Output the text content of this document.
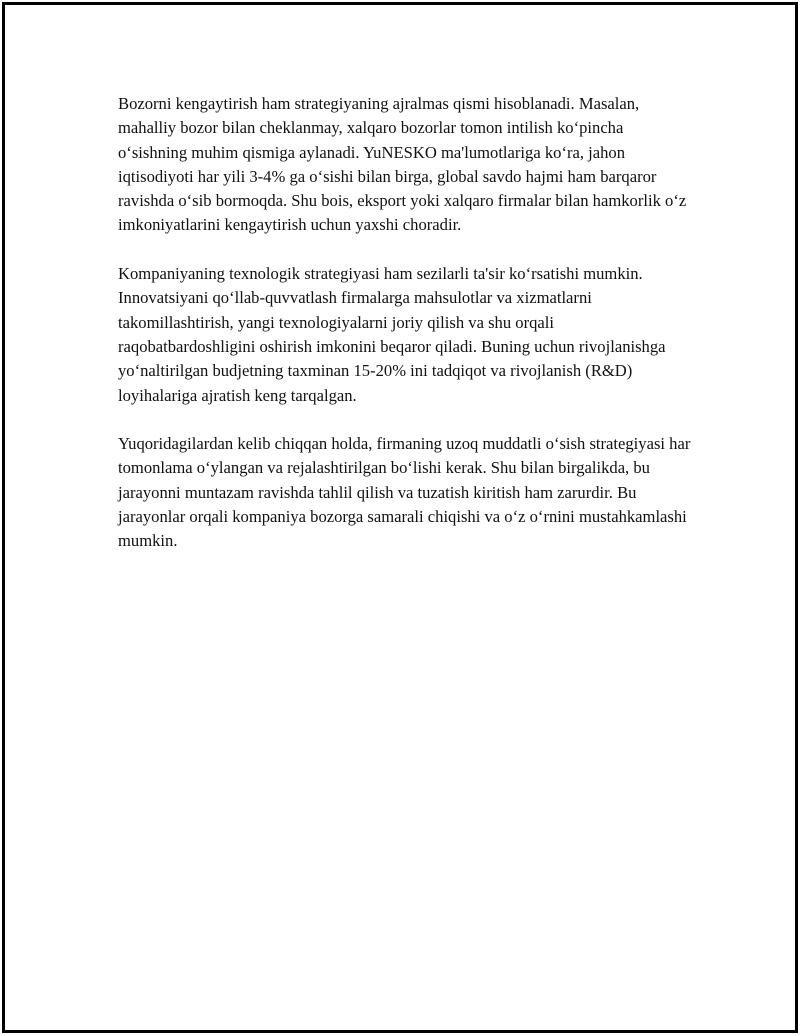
Bozorni kengaytirish ham strategiyaning ajralmas qismi hisoblanadi. Masalan, mahalliy bozor bilan cheklanmay, xalqaro bozorlar tomon intilish ko‘pincha o‘sishning muhim qismiga aylanadi. YuNESKO ma'lumotlariga ko‘ra, jahon iqtisodiyoti har yili 3-4% ga o‘sishi bilan birga, global savdo hajmi ham barqaror ravishda o‘sib bormoqda. Shu bois, eksport yoki xalqaro firmalar bilan hamkorlik o‘z imkoniyatlarini kengaytirish uchun yaxshi choradir.

Kompaniyaning texnologik strategiyasi ham sezilarli ta'sir ko‘rsatishi mumkin. Innovatsiyani qo‘llab-quvvatlash firmalarga mahsulotlar va xizmatlarni takomillashtirish, yangi texnologiyalarni joriy qilish va shu orqali raqobatbardoshligini oshirish imkonini beqaror qiladi. Buning uchun rivojlanishga yo‘naltirilgan budjetning taxminan 15-20% ini tadqiqot va rivojlanish (R&D) loyihalariga ajratish keng tarqalgan.

Yuqoridagilardan kelib chiqqan holda, firmaning uzoq muddatli o‘sish strategiyasi har tomonlama o‘ylangan va rejalashtirilgan bo‘lishi kerak. Shu bilan birgalikda, bu jarayonni muntazam ravishda tahlil qilish va tuzatish kiritish ham zarurdir. Bu jarayonlar orqali kompaniya bozorga samarali chiqishi va o‘z o‘rnini mustahkamlashi mumkin.
